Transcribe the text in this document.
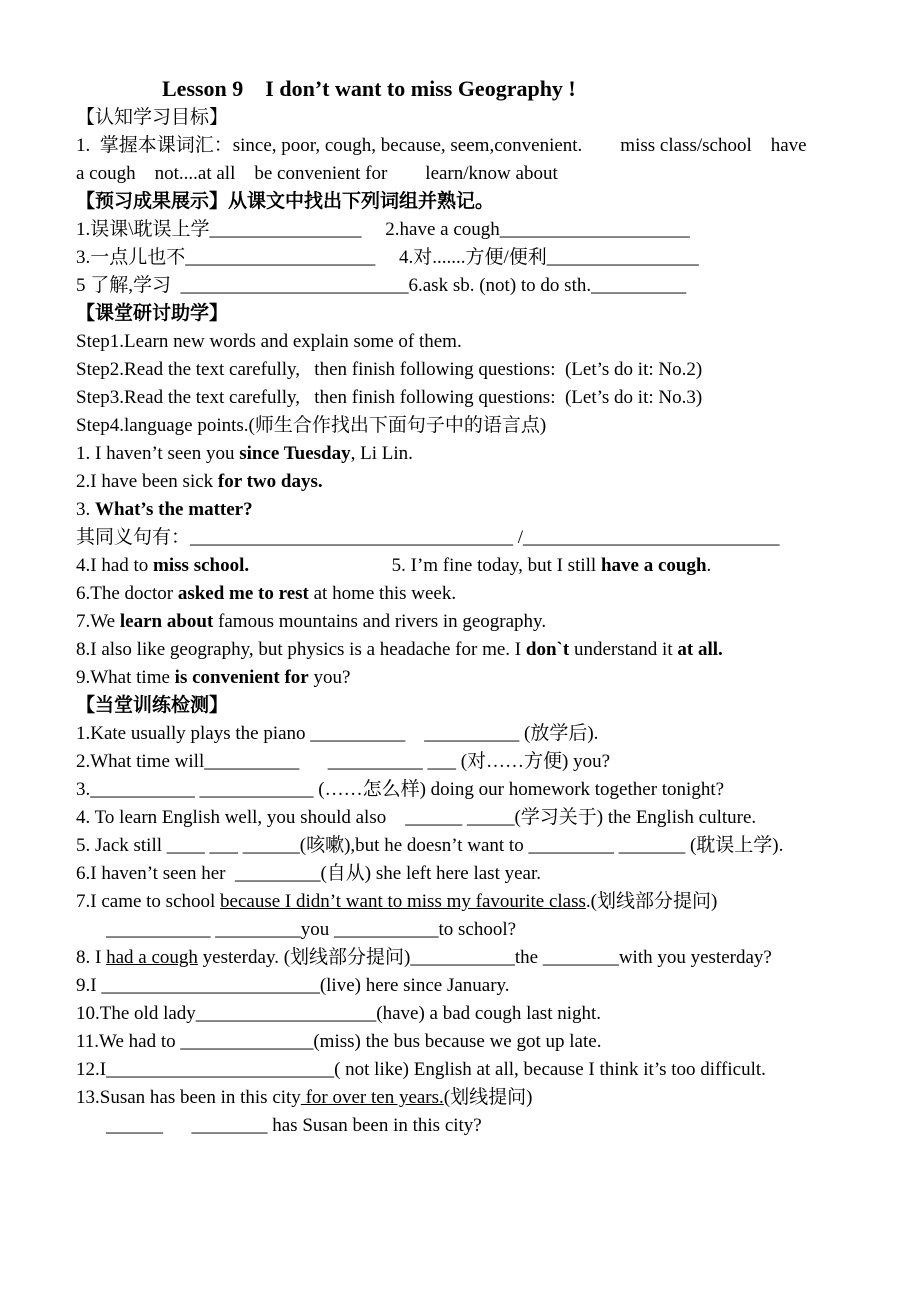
Lesson 9    I don’t want to miss Geography !
【认知学习目标】
1.  掌握本课词汇：since, poor, cough, because, seem,convenient.        miss class/school    have
a cough    not....at all    be convenient for        learn/know about
【预习成果展示】从课文中找出下列词组并熟记。
1.误课\耽误上学________________     2.have a cough____________________
3.一点儿也不____________________     4.对.......方便/便利________________
5 了解,学习  ________________________6.ask sb. (not) to do sth.__________
【课堂研讨助学】
Step1.Learn new words and explain some of them.
Step2.Read the text carefully,   then finish following questions:  (Let’s do it: No.2)
Step3.Read the text carefully,   then finish following questions:  (Let’s do it: No.3)
Step4.language points.(师生合作找出下面句子中的语言点)
1. I haven’t seen you since Tuesday, Li Lin.
2.I have been sick for two days.
3. What’s the matter?
其同义句有：__________________________________ /___________________________
4.I had to miss school.                              5. I’m fine today, but I still have a cough.
6.The doctor asked me to rest at home this week.
7.We learn about famous mountains and rivers in geography.
8.I also like geography, but physics is a headache for me. I don`t understand it at all.
9.What time is convenient for you?
【当堂训练检测】
1.Kate usually plays the piano __________    __________ (放学后).
2.What time will__________      __________ ___ (对……方便) you?
3.___________ ____________ (……怎么样) doing our homework together tonight?
4. To learn English well, you should also    ______ _____(学习关于) the English culture.
5. Jack still ____ ___ ______(咳嗽),but he doesn’t want to _________ _______ (耽误上学).
6.I haven’t seen her  _________(自从) she left here last year.
7.I came to school because I didn’t want to miss my favourite class.(划线部分提问)
___________ _________you ___________to school?
8. I had a cough yesterday. (划线部分提问)___________the ________with you yesterday?
9.I _______________________(live) here since January.
10.The old lady___________________(have) a bad cough last night.
11.We had to ______________(miss) the bus because we got up late.
12.I________________________( not like) English at all, because I think it’s too difficult.
13.Susan has been in this city for over ten years.(划线提问)
______      ________ has Susan been in this city?
